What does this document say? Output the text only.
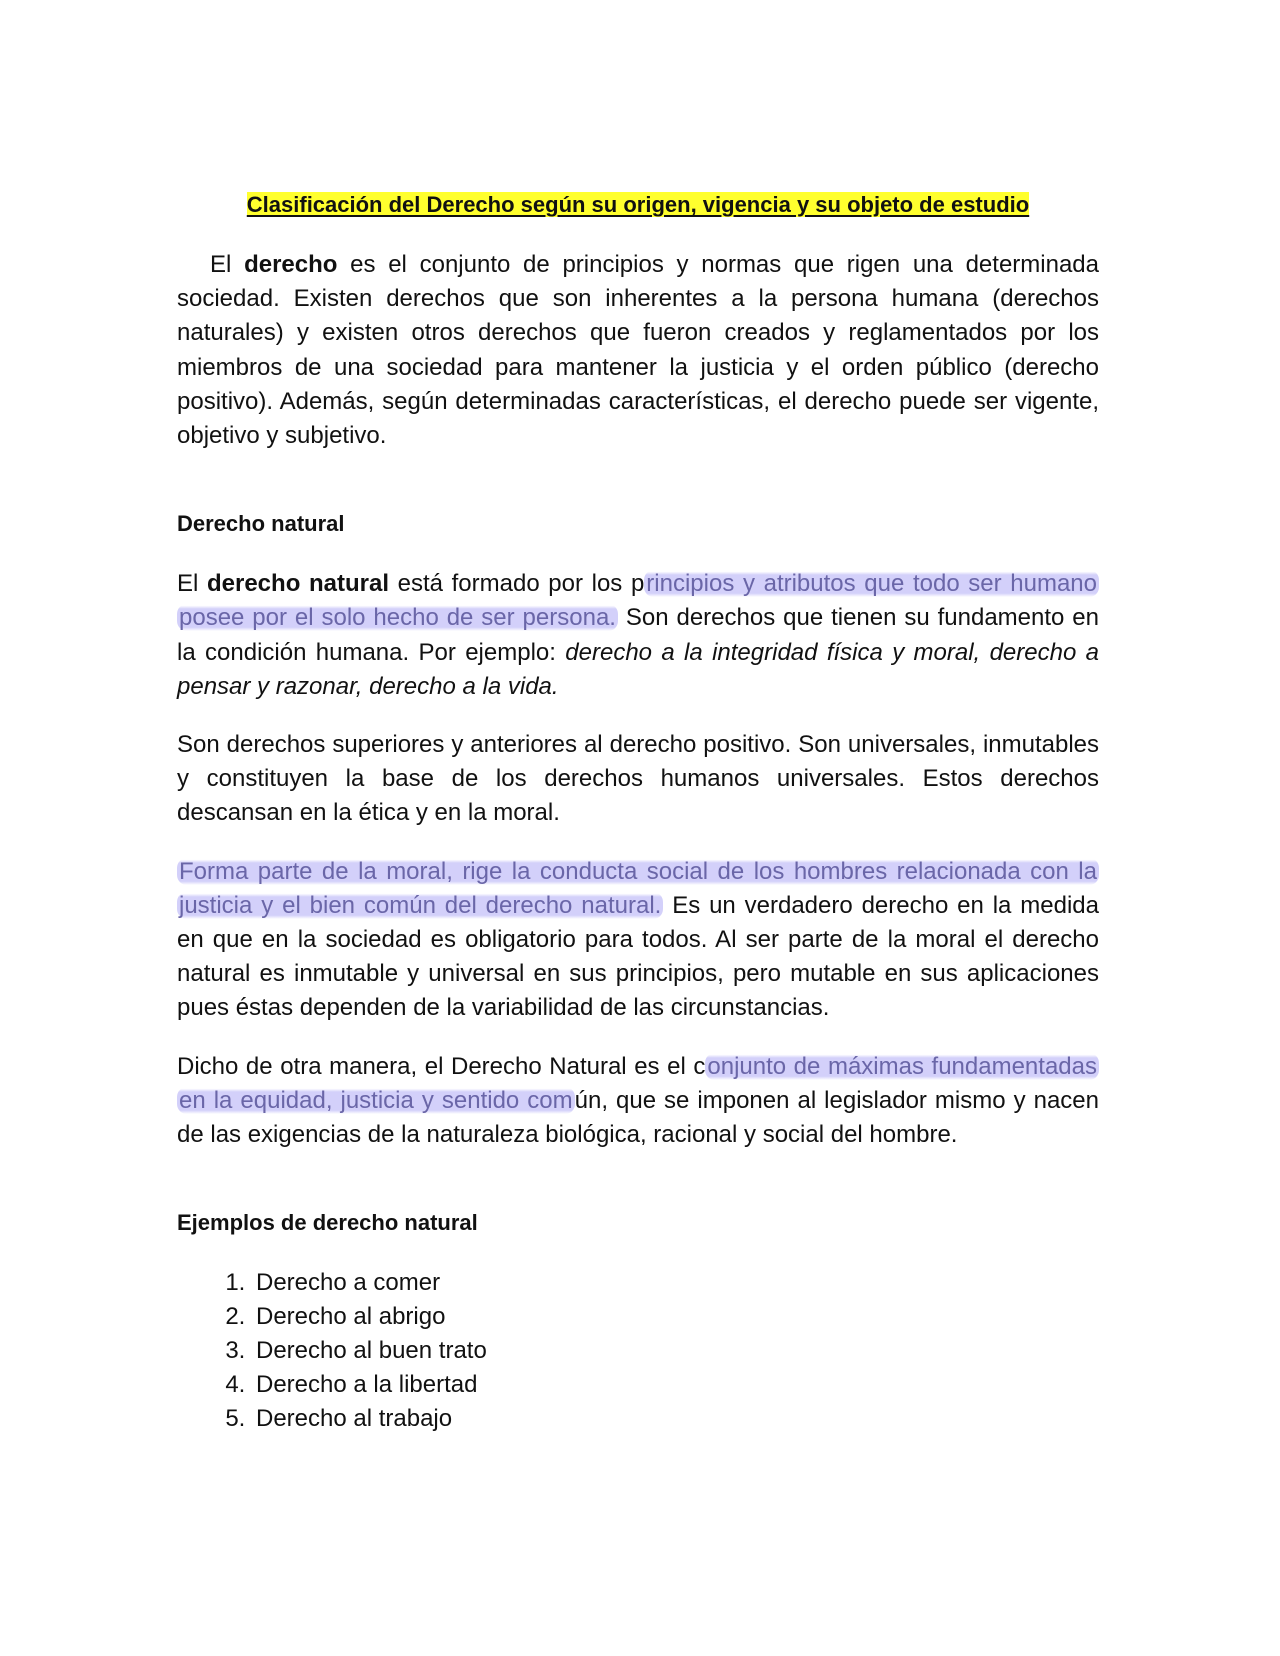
Clasificación del Derecho según su origen, vigencia y su objeto de estudio

El derecho es el conjunto de principios y normas que rigen una determinada sociedad. Existen derechos que son inherentes a la persona humana (derechos naturales) y existen otros derechos que fueron creados y reglamentados por los miembros de una sociedad para mantener la justicia y el orden público (derecho positivo). Además, según determinadas características, el derecho puede ser vigente, objetivo y subjetivo.

Derecho natural

El derecho natural está formado por los principios y atributos que todo ser humano posee por el solo hecho de ser persona. Son derechos que tienen su fundamento en la condición humana. Por ejemplo: derecho a la integridad física y moral, derecho a pensar y razonar, derecho a la vida.

Son derechos superiores y anteriores al derecho positivo. Son universales, inmutables y constituyen la base de los derechos humanos universales. Estos derechos descansan en la ética y en la moral.

Forma parte de la moral, rige la conducta social de los hombres relacionada con la justicia y el bien común del derecho natural. Es un verdadero derecho en la medida en que en la sociedad es obligatorio para todos. Al ser parte de la moral el derecho natural es inmutable y universal en sus principios, pero mutable en sus aplicaciones pues éstas dependen de la variabilidad de las circunstancias.

Dicho de otra manera, el Derecho Natural es el conjunto de máximas fundamentadas en la equidad, justicia y sentido común, que se imponen al legislador mismo y nacen de las exigencias de la naturaleza biológica, racional y social del hombre.

Ejemplos de derecho natural
1. Derecho a comer
2. Derecho al abrigo
3. Derecho al buen trato
4. Derecho a la libertad
5. Derecho al trabajo
